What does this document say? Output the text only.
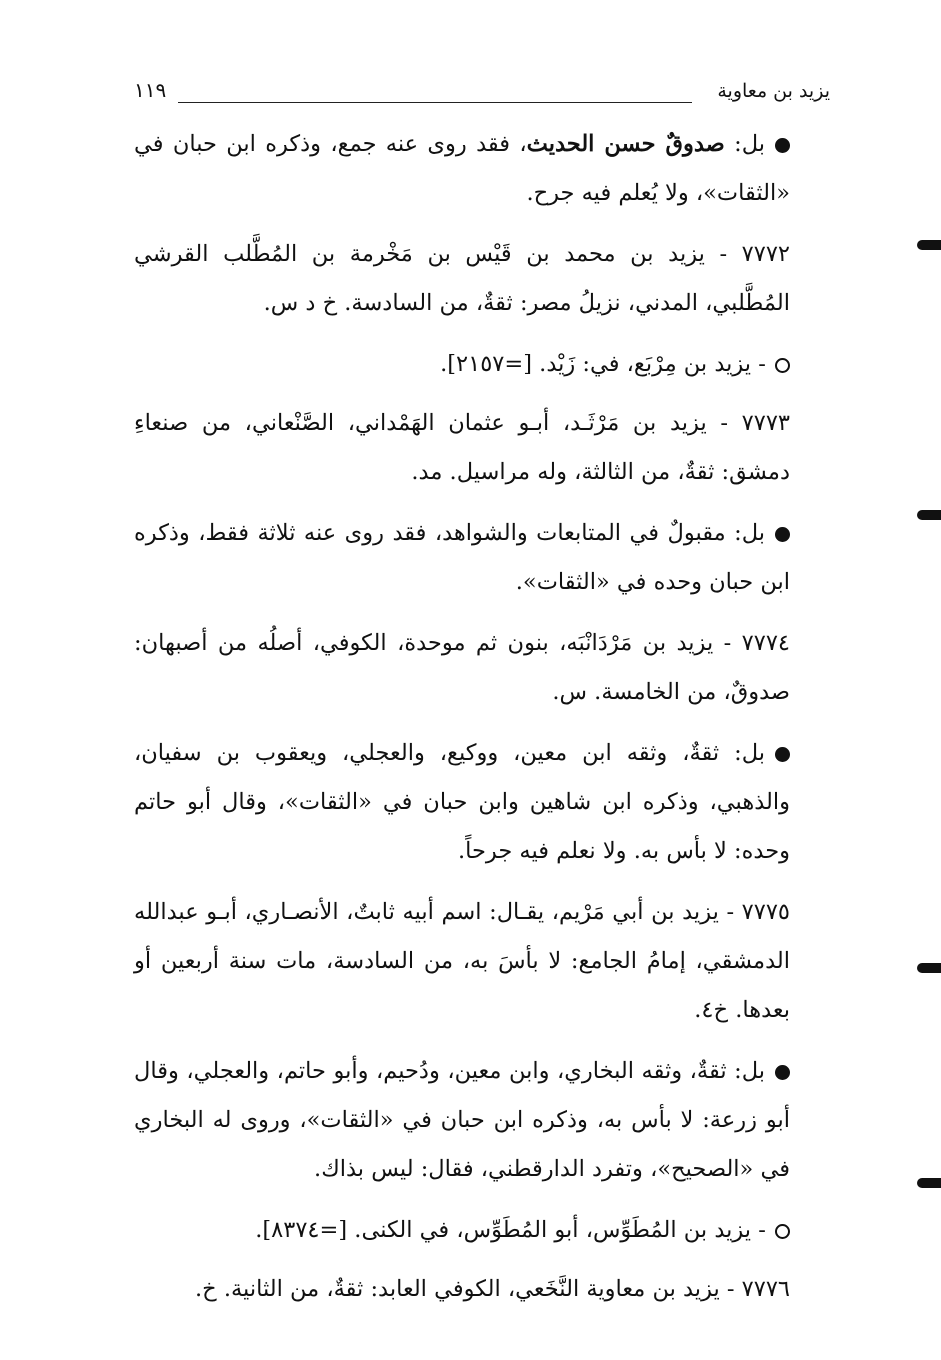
يزيد بن معاوية
١١٩

بل: صدوقٌ حسن الحديث، فقد روى عنه جمع، وذكره ابن حبان في «الثقات»، ولا يُعلم فيه جرح.

٧٧٧٢ - يزيد بن محمد بن قَيْس بن مَخْرمة بن المُطَّلب القرشي المُطَّلبي، المدني، نزيلُ مصر: ثقةٌ، من السادسة. خ د س.

- يزيد بن مِرْبَع، في: زَيْد. [=٢١٥٧].

٧٧٧٣ - يزيد بن مَرْثَـد، أبـو عثمان الهَمْداني، الصَّنْعاني، من صنعاءِ دمشق: ثقةٌ، من الثالثة، وله مراسيل. مد.

بل: مقبولٌ في المتابعات والشواهد، فقد روى عنه ثلاثة فقط، وذكره ابن حبان وحده في «الثقات».

٧٧٧٤ - يزيد بن مَرْدَانْبَه، بنون ثم موحدة، الكوفي، أصلُه من أصبهان: صدوقٌ، من الخامسة. س.

بل: ثقةٌ، وثقه ابن معين، ووكيع، والعجلي، ويعقوب بن سفيان، والذهبي، وذكره ابن شاهين وابن حبان في «الثقات»، وقال أبو حاتم وحده: لا بأس به. ولا نعلم فيه جرحاً.

٧٧٧٥ - يزيد بن أبي مَرْيم، يقـال: اسم أبيه ثابتٌ، الأنصـاري، أبـو عبدالله الدمشقي، إمامُ الجامع: لا بأسَ به، من السادسة، مات سنة أربعين أو بعدها. خ٤.

بل: ثقةٌ، وثقه البخاري، وابن معين، ودُحيم، وأبو حاتم، والعجلي، وقال أبو زرعة: لا بأس به، وذكره ابن حبان في «الثقات»، وروى له البخاري في «الصحيح»، وتفرد الدارقطني، فقال: ليس بذاك.

- يزيد بن المُطَوِّس، أبو المُطَوِّس، في الكنى. [=٨٣٧٤].

٧٧٧٦ - يزيد بن معاوية النَّخَعي، الكوفي العابد: ثقةٌ، من الثانية. خ.
